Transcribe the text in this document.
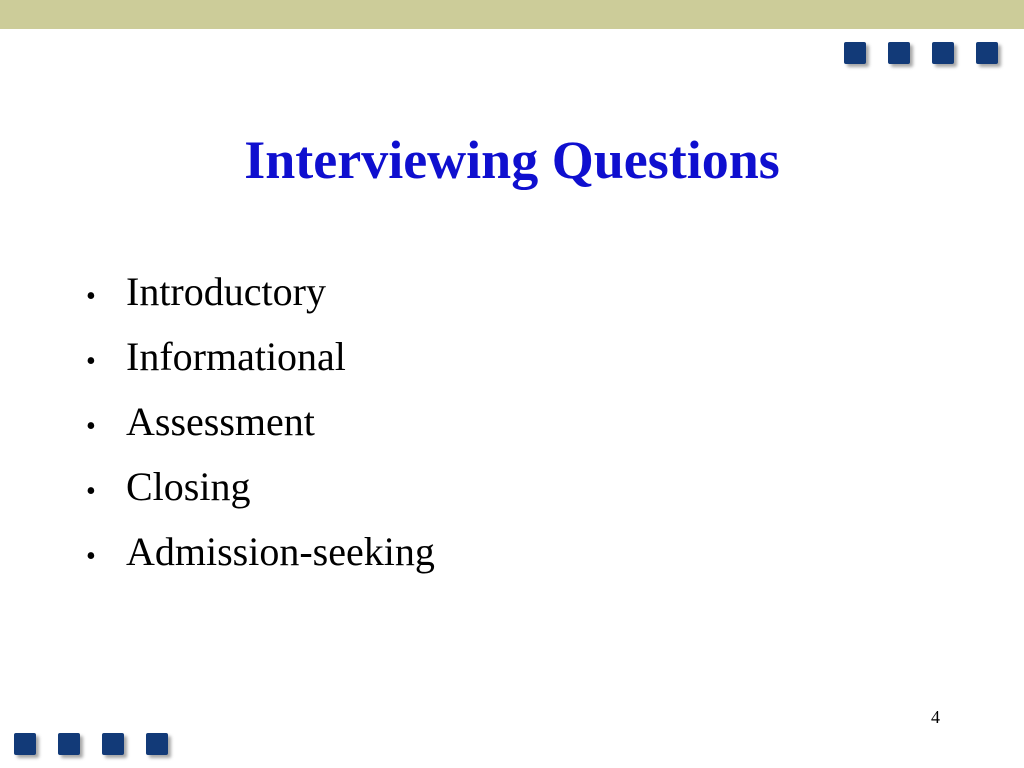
Interviewing Questions
• Introductory
• Informational
• Assessment
• Closing
• Admission-seeking
4
